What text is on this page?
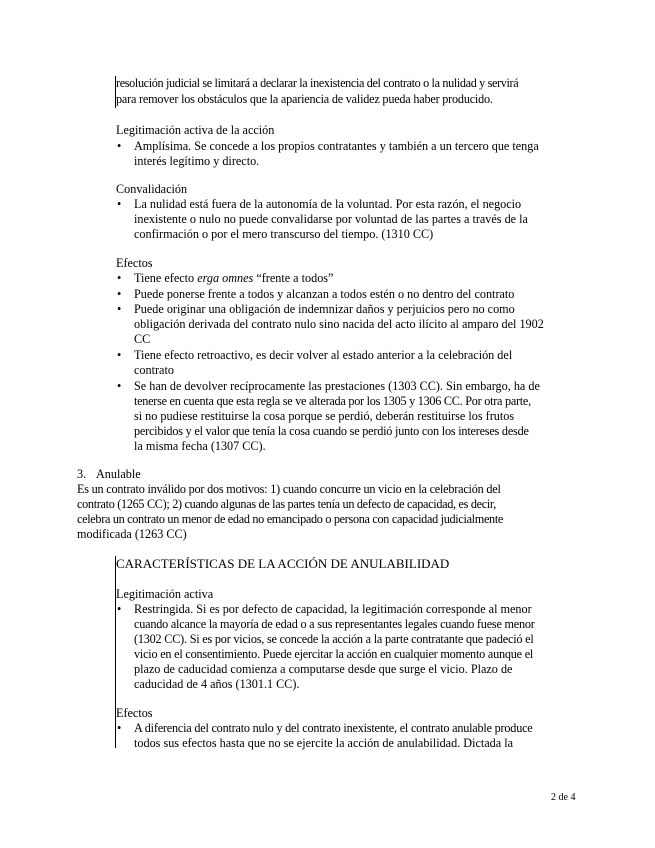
resolución judicial se limitará a declarar la inexistencia del contrato o la nulidad y servirá
para remover los obstáculos que la apariencia de validez pueda haber producido.
Legitimación activa de la acción
• Amplísima. Se concede a los propios contratantes y también a un tercero que tenga
interés legítimo y directo.
Convalidación
• La nulidad está fuera de la autonomía de la voluntad. Por esta razón, el negocio
inexistente o nulo no puede convalidarse por voluntad de las partes a través de la
confirmación o por el mero transcurso del tiempo. (1310 CC)
Efectos
• Tiene efecto erga omnes “frente a todos”
• Puede ponerse frente a todos y alcanzan a todos estén o no dentro del contrato
• Puede originar una obligación de indemnizar daños y perjuicios pero no como
obligación derivada del contrato nulo sino nacida del acto ilícito al amparo del 1902
CC
• Tiene efecto retroactivo, es decir volver al estado anterior a la celebración del
contrato
• Se han de devolver recíprocamente las prestaciones (1303 CC). Sin embargo, ha de
tenerse en cuenta que esta regla se ve alterada por los 1305 y 1306 CC. Por otra parte,
si no pudiese restituirse la cosa porque se perdió, deberán restituirse los frutos
percibidos y el valor que tenía la cosa cuando se perdió junto con los intereses desde
la misma fecha (1307 CC).
3. Anulable
Es un contrato inválido por dos motivos: 1) cuando concurre un vicio en la celebración del
contrato (1265 CC); 2) cuando algunas de las partes tenía un defecto de capacidad, es decir,
celebra un contrato un menor de edad no emancipado o persona con capacidad judicialmente
modificada (1263 CC)
CARACTERÍSTICAS DE LA ACCIÓN DE ANULABILIDAD
Legitimación activa
• Restringida. Si es por defecto de capacidad, la legitimación corresponde al menor
cuando alcance la mayoría de edad o a sus representantes legales cuando fuese menor
(1302 CC). Si es por vicios, se concede la acción a la parte contratante que padeció el
vicio en el consentimiento. Puede ejercitar la acción en cualquier momento aunque el
plazo de caducidad comienza a computarse desde que surge el vicio. Plazo de
caducidad de 4 años (1301.1 CC).
Efectos
• A diferencia del contrato nulo y del contrato inexistente, el contrato anulable produce
todos sus efectos hasta que no se ejercite la acción de anulabilidad. Dictada la
2 de 4
